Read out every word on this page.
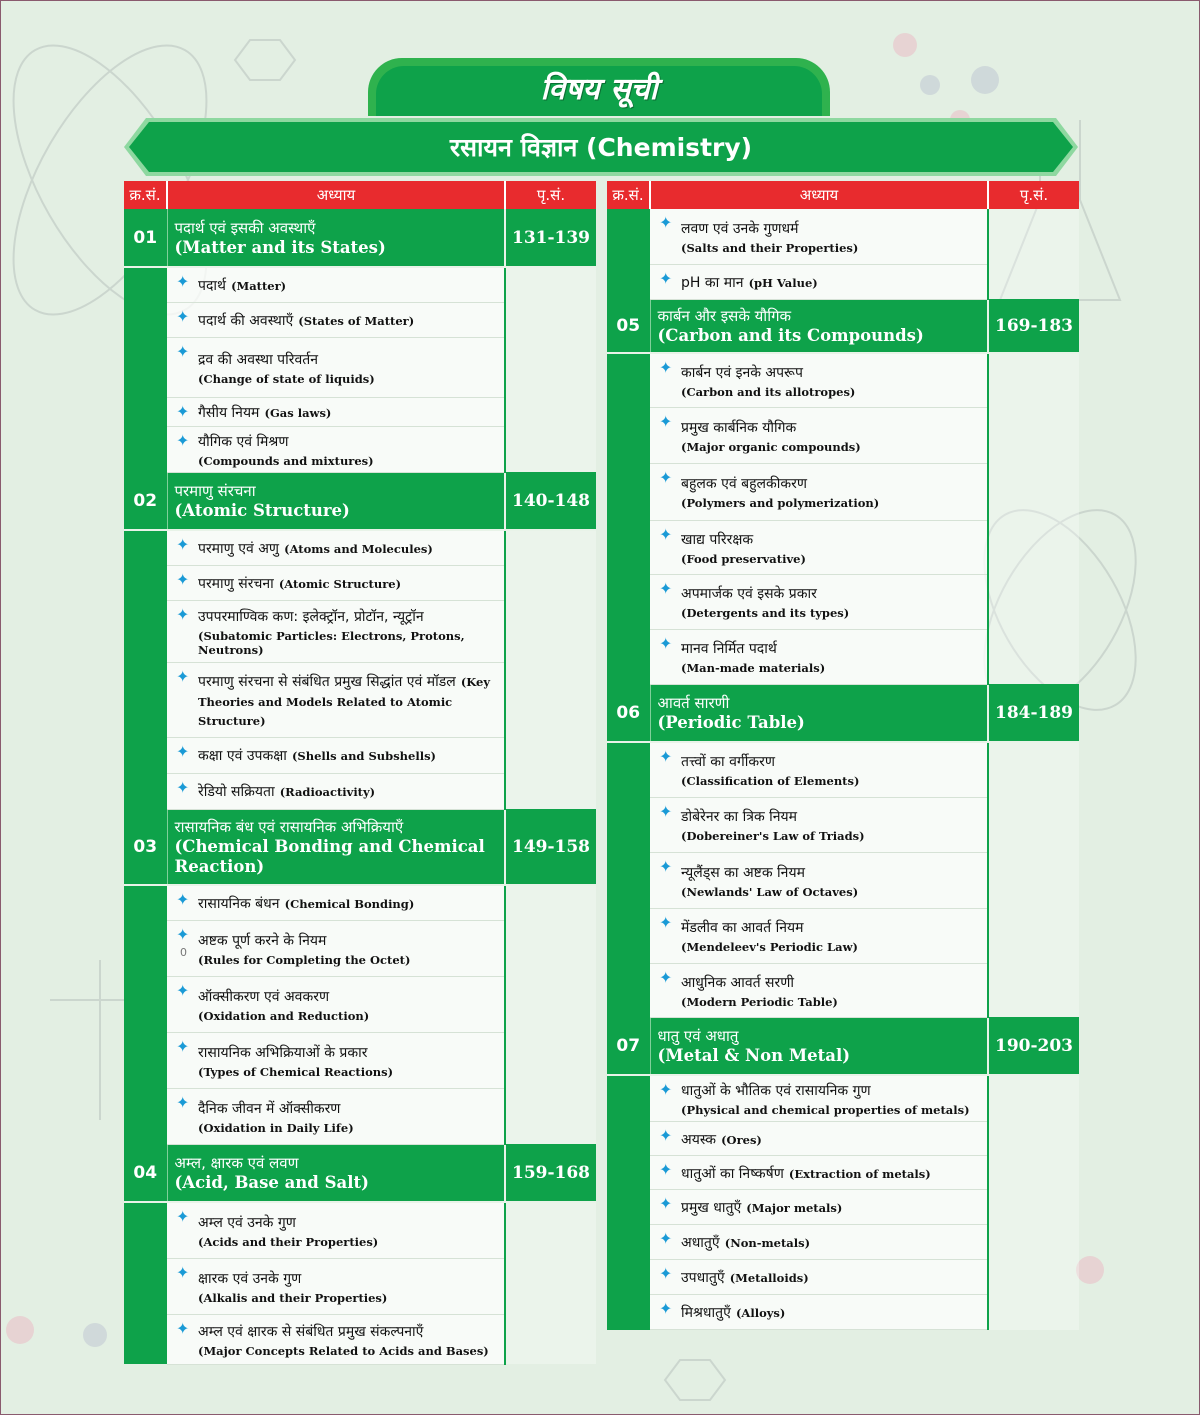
विषय सूची
रसायन विज्ञान (Chemistry)
क्र.सं.	अध्याय	पृ.सं.
01	पदार्थ एवं इसकी अवस्थाएँ
(Matter and its States)	131-139

	✦ पदार्थ (Matter)	

	✦ पदार्थ की अवस्थाएँ (States of Matter)	

	✦ द्रव की अवस्था परिवर्तन
(Change of state of liquids)	

	✦ गैसीय नियम (Gas laws)	

	✦ यौगिक एवं मिश्रण
(Compounds and mixtures)	

02	परमाणु संरचना
(Atomic Structure)	140-148

	✦ परमाणु एवं अणु (Atoms and Molecules)	

	✦ परमाणु संरचना (Atomic Structure)	

	✦ उपपरमाण्विक कण: इलेक्ट्रॉन, प्रोटॉन, न्यूट्रॉन
(Subatomic Particles: Electrons, Protons, Neutrons)	

	✦ परमाणु संरचना से संबंधित प्रमुख सिद्धांत एवं मॉडल (Key Theories and Models Related to Atomic Structure)	

	✦ कक्षा एवं उपकक्षा (Shells and Subshells)	

	✦ रेडियो सक्रियता (Radioactivity)	
03	रासायनिक बंध एवं रासायनिक अभिक्रियाएँ
(Chemical Bonding and Chemical Reaction)	149-158

	✦ रासायनिक बंधन (Chemical Bonding)	

	✦ अष्टक पूर्ण करने के नियम
(Rules for Completing the Octet)	

	✦ ऑक्सीकरण एवं अवकरण
(Oxidation and Reduction)	

	✦ रासायनिक अभिक्रियाओं के प्रकार
(Types of Chemical Reactions)	

	✦ दैनिक जीवन में ऑक्सीकरण
(Oxidation in Daily Life)	

04	अम्ल, क्षारक एवं लवण
(Acid, Base and Salt)	159-168

	✦ अम्ल एवं उनके गुण
(Acids and their Properties)	

	✦ क्षारक एवं उनके गुण
(Alkalis and their Properties)	

	✦ अम्ल एवं क्षारक से संबंधित प्रमुख संकल्पनाएँ
(Major Concepts Related to Acids and Bases)	
क्र.सं.	अध्याय	पृ.सं.

	✦ लवण एवं उनके गुणधर्म
(Salts and their Properties)	

	✦ pH का मान (pH Value)	
05	कार्बन और इसके यौगिक
(Carbon and its Compounds)	169-183

	✦ कार्बन एवं इनके अपरूप
(Carbon and its allotropes)	

	✦ प्रमुख कार्बनिक यौगिक
(Major organic compounds)	

	✦ बहुलक एवं बहुलकीकरण
(Polymers and polymerization)	

	✦ खाद्य परिरक्षक
(Food preservative)	

	✦ अपमार्जक एवं इसके प्रकार
(Detergents and its types)	

	✦ मानव निर्मित पदार्थ
(Man-made materials)	

06	आवर्त सारणी
(Periodic Table)	184-189

	✦ तत्त्वों का वर्गीकरण
(Classification of Elements)	

	✦ डोबेरेनर का त्रिक नियम
(Dobereiner's Law of Triads)	

	✦ न्यूलैंड्स का अष्टक नियम
(Newlands' Law of Octaves)	

	✦ मेंडलीव का आवर्त नियम
(Mendeleev's Periodic Law)	

	✦ आधुनिक आवर्त सरणी
(Modern Periodic Table)	

07	धातु एवं अधातु
(Metal & Non Metal)	190-203

	✦ धातुओं के भौतिक एवं रासायनिक गुण
(Physical and chemical properties of metals)	

	✦ अयस्क (Ores)	

	✦ धातुओं का निष्कर्षण (Extraction of metals)	

	✦ प्रमुख धातुएँ (Major metals)	

	✦ अधातुएँ (Non-metals)	

	✦ उपधातुएँ (Metalloids)	

	✦ मिश्रधातुएँ (Alloys)	
0
